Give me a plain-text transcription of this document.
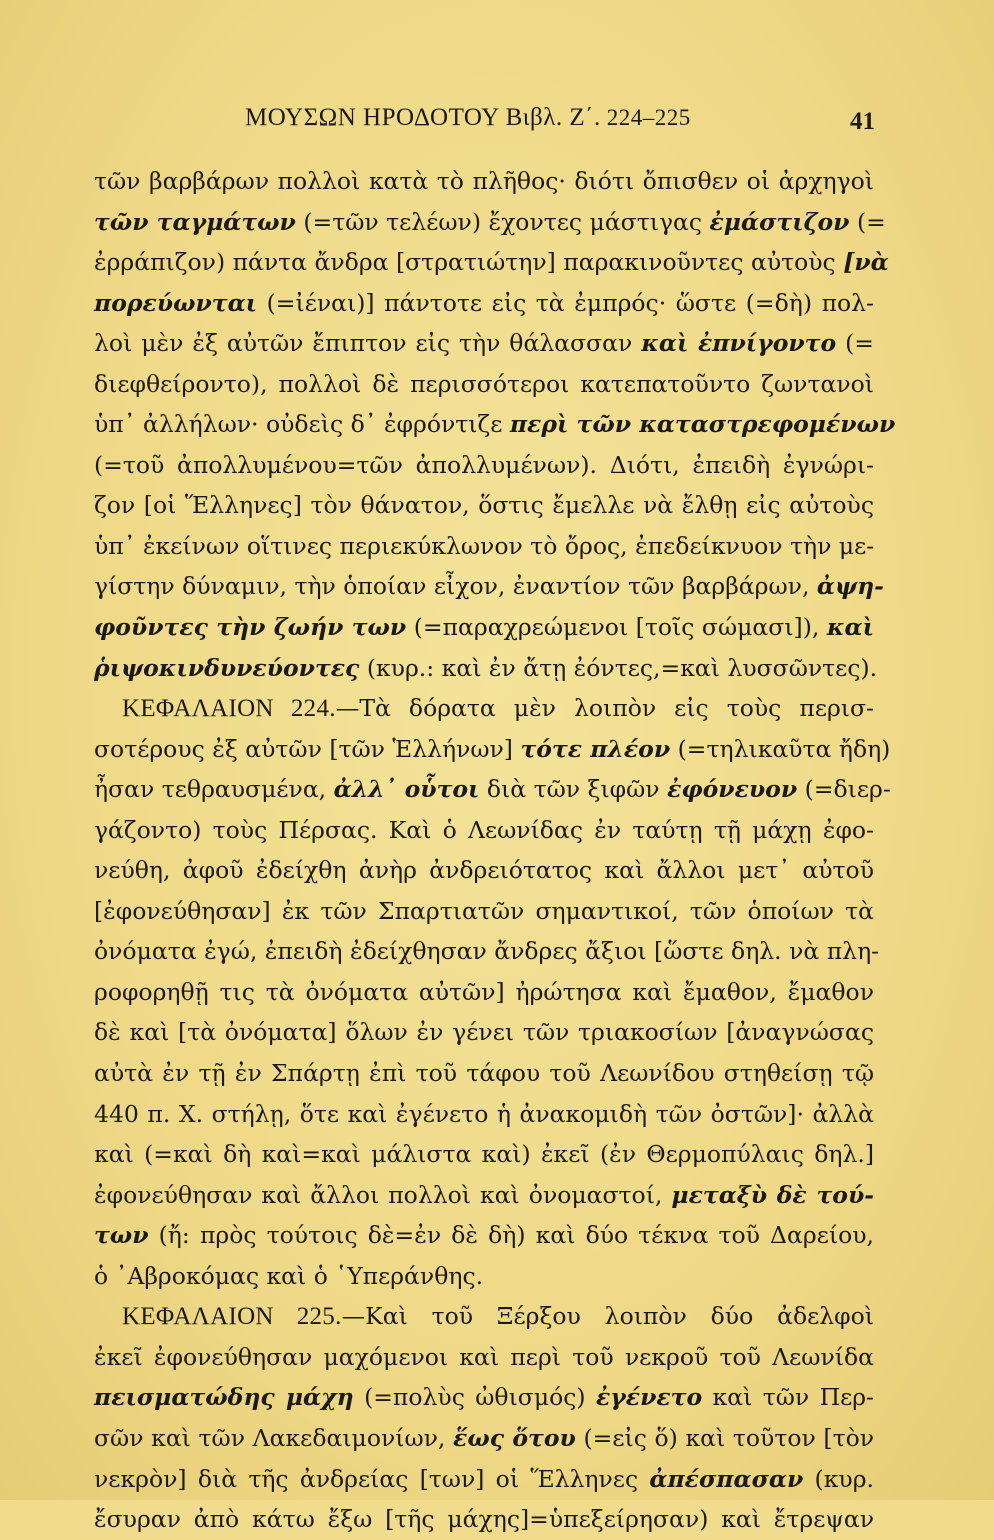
ΜΟΥΣΩΝ ΗΡΟΔΟΤΟΥ Βιβλ. Ζ΄. 224–225	41
τῶν βαρβάρων πολλοὶ κατὰ τὸ πλῆθος· διότι ὄπισθεν οἱ ἀρχηγοὶ
τῶν ταγμάτων (=τῶν τελέων) ἔχοντες μάστιγας ἐμάστιζον (=
ἐρράπιζον) πάντα ἄνδρα [στρατιώτην] παρακινοῦντες αὐτοὺς [νὰ
πορεύωνται (=ἰέναι)] πάντοτε εἰς τὰ ἐμπρός· ὥστε (=δὴ) πολ-
λοὶ μὲν ἐξ αὐτῶν ἔπιπτον εἰς τὴν θάλασσαν καὶ ἐπνίγοντο (=
διεφθείροντο), πολλοὶ δὲ περισσότεροι κατεπατοῦντο ζωντανοὶ
ὑπ᾽ ἀλλήλων· οὐδεὶς δ᾽ ἐφρόντιζε περὶ τῶν καταστρεφομένων
(=τοῦ ἀπολλυμένου=τῶν ἀπολλυμένων). Διότι, ἐπειδὴ ἐγνώρι-
ζον [οἱ Ἕλληνες] τὸν θάνατον, ὅστις ἔμελλε νὰ ἔλθῃ εἰς αὐτοὺς
ὑπ᾽ ἐκείνων οἵτινες περιεκύκλωνον τὸ ὄρος, ἐπεδείκνυον τὴν με-
γίστην δύναμιν, τὴν ὁποίαν εἶχον, ἐναντίον τῶν βαρβάρων, ἀψη-
φοῦντες τὴν ζωήν των (=παραχρεώμενοι [τοῖς σώμασι]), καὶ
ῥιψοκινδυνεύοντες (κυρ.: καὶ ἐν ἄτῃ ἐόντες,=καὶ λυσσῶντες).
ΚΕΦΑΛΑΙΟΝ 224.—Τὰ δόρατα μὲν λοιπὸν εἰς τοὺς περισ-
σοτέρους ἐξ αὐτῶν [τῶν Ἑλλήνων] τότε πλέον (=τηλικαῦτα ἤδη)
ἦσαν τεθραυσμένα, ἀλλ᾽ οὗτοι διὰ τῶν ξιφῶν ἐφόνευον (=διερ-
γάζοντο) τοὺς Πέρσας. Καὶ ὁ Λεωνίδας ἐν ταύτῃ τῇ μάχῃ ἐφο-
νεύθη, ἀφοῦ ἐδείχθη ἀνὴρ ἀνδρειότατος καὶ ἄλλοι μετ᾽ αὐτοῦ
[ἐφονεύθησαν] ἐκ τῶν Σπαρτιατῶν σημαντικοί, τῶν ὁποίων τὰ
ὀνόματα ἐγώ, ἐπειδὴ ἐδείχθησαν ἄνδρες ἄξιοι [ὥστε δηλ. νὰ πλη-
ροφορηθῇ τις τὰ ὀνόματα αὐτῶν] ἠρώτησα καὶ ἔμαθον, ἔμαθον
δὲ καὶ [τὰ ὀνόματα] ὅλων ἐν γένει τῶν τριακοσίων [ἀναγνώσας
αὐτὰ ἐν τῇ ἐν Σπάρτῃ ἐπὶ τοῦ τάφου τοῦ Λεωνίδου στηθείσῃ τῷ
440 π. Χ. στήλῃ, ὅτε καὶ ἐγένετο ἡ ἀνακομιδὴ τῶν ὀστῶν]· ἀλλὰ
καὶ (=καὶ δὴ καὶ=καὶ μάλιστα καὶ) ἐκεῖ (ἐν Θερμοπύλαις δηλ.]
ἐφονεύθησαν καὶ ἄλλοι πολλοὶ καὶ ὀνομαστοί, μεταξὺ δὲ τού-
των (ἤ: πρὸς τούτοις δὲ=ἐν δὲ δὴ) καὶ δύο τέκνα τοῦ Δαρείου,
ὁ ᾽Αβροκόμας καὶ ὁ ῾Υπεράνθης.
ΚΕΦΑΛΑΙΟΝ 225.—Καὶ τοῦ Ξέρξου λοιπὸν δύο ἀδελφοὶ
ἐκεῖ ἐφονεύθησαν μαχόμενοι καὶ περὶ τοῦ νεκροῦ τοῦ Λεωνίδα
πεισματώδης μάχη (=πολὺς ὠθισμός) ἐγένετο καὶ τῶν Περ-
σῶν καὶ τῶν Λακεδαιμονίων, ἕως ὅτου (=εἰς ὅ) καὶ τοῦτον [τὸν
νεκρὸν] διὰ τῆς ἀνδρείας [των] οἱ Ἕλληνες ἀπέσπασαν (κυρ.
ἔσυραν ἀπὸ κάτω ἔξω [τῆς μάχης]=ὑπεξείρησαν) καὶ ἔτρεψαν
